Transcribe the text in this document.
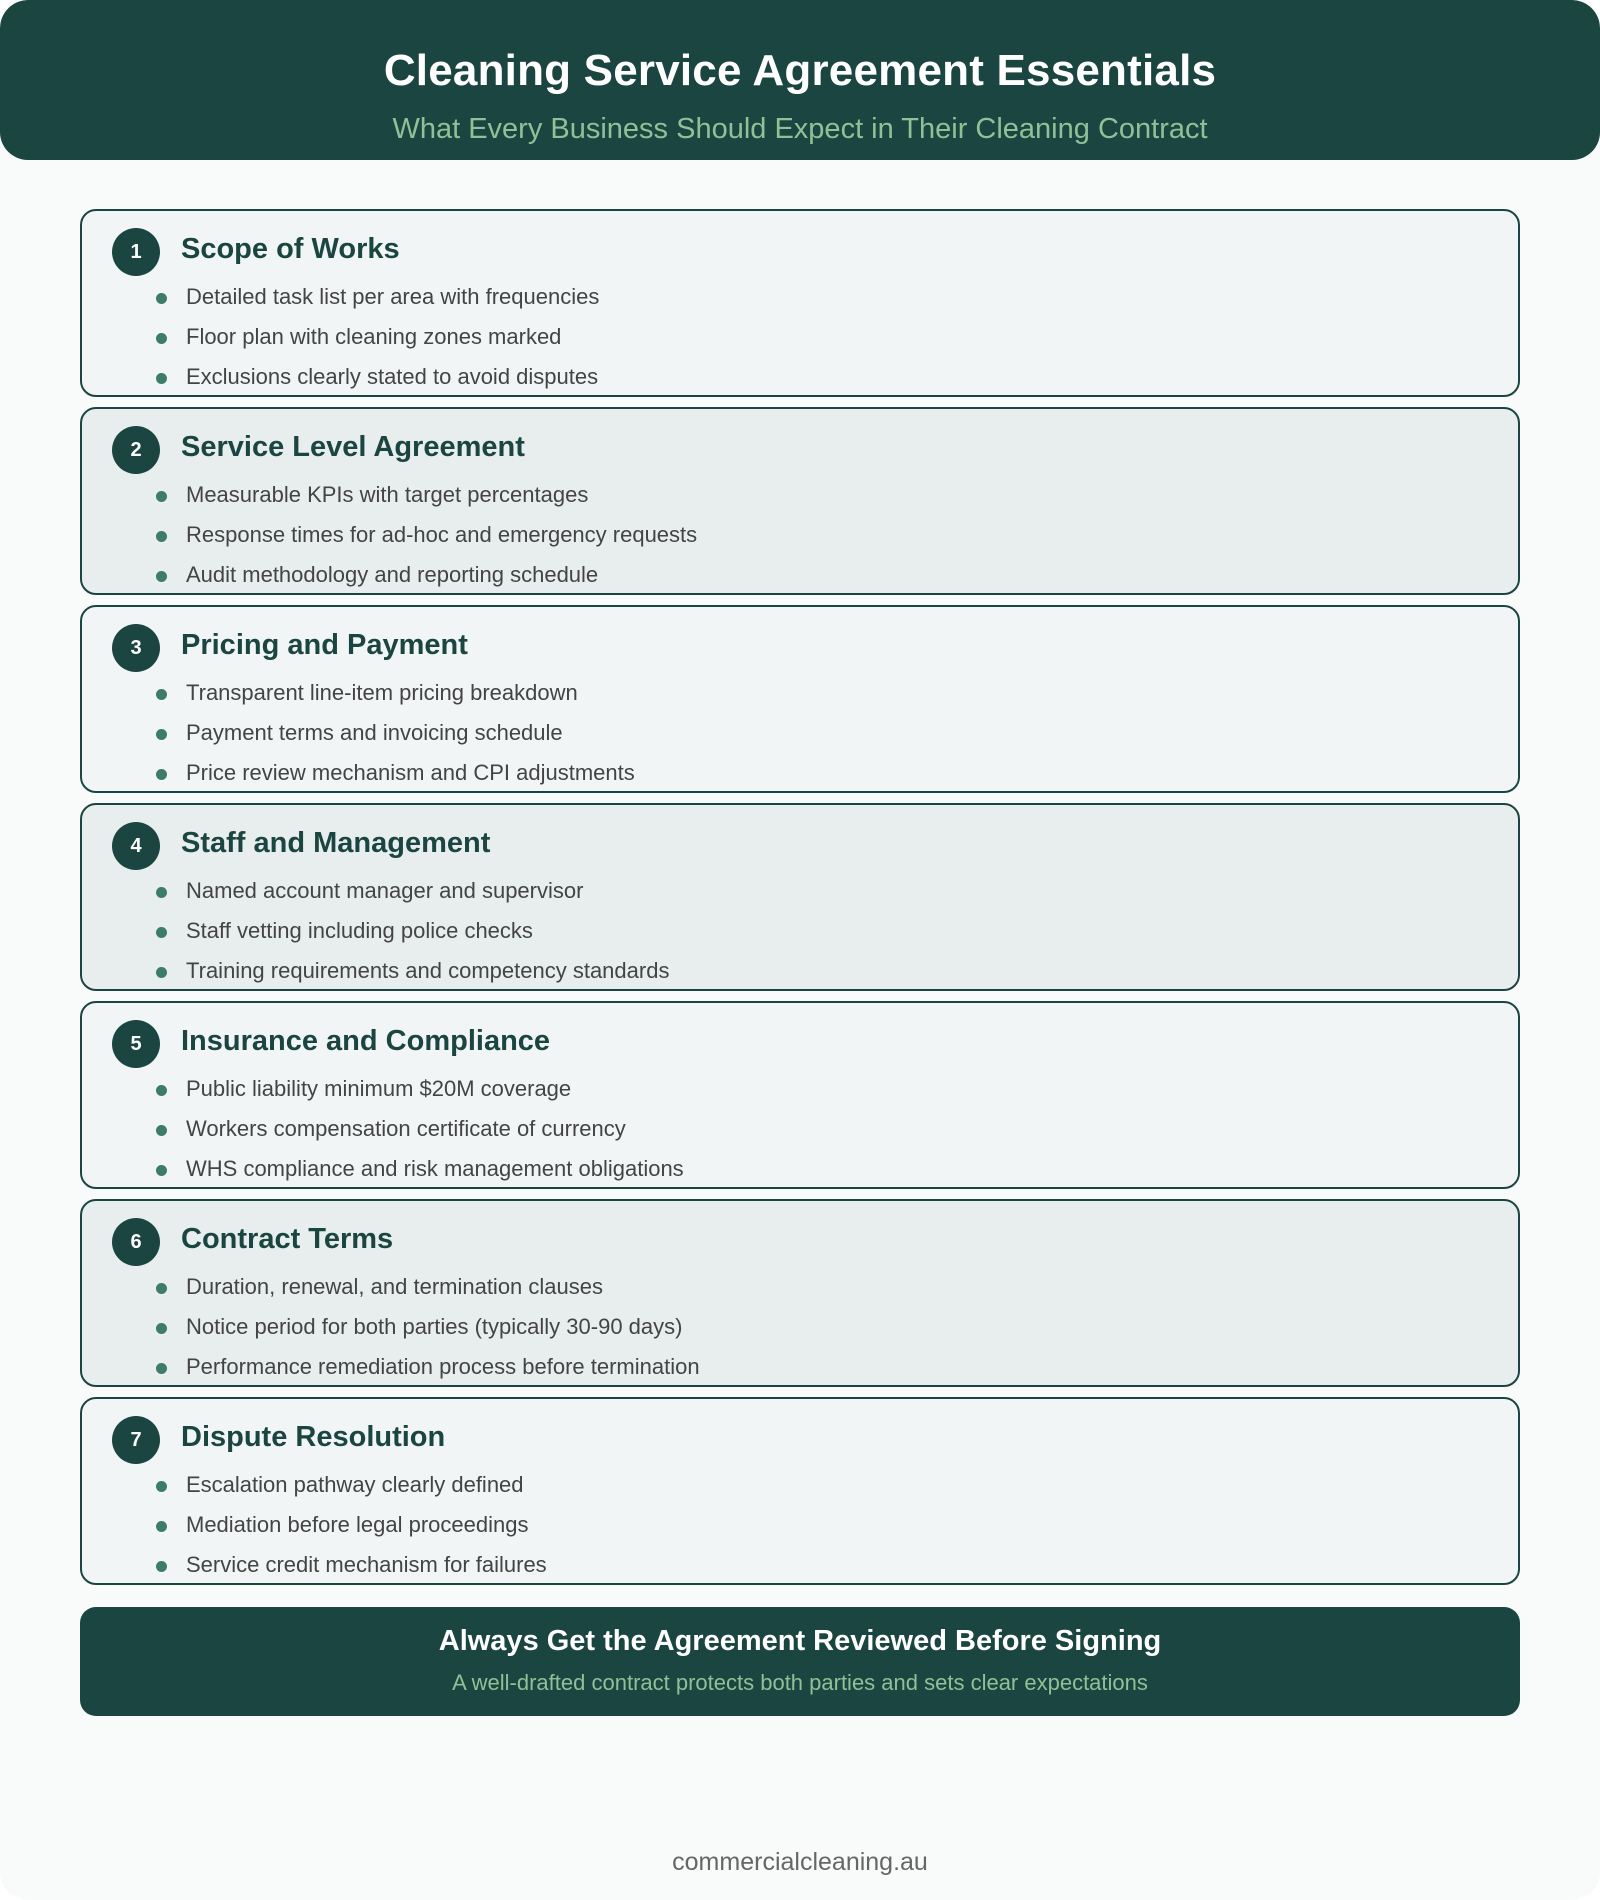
Cleaning Service Agreement Essentials
What Every Business Should Expect in Their Cleaning Contract
1	Scope of Works
Detailed task list per area with frequencies
Floor plan with cleaning zones marked
Exclusions clearly stated to avoid disputes
2	Service Level Agreement
Measurable KPIs with target percentages
Response times for ad-hoc and emergency requests
Audit methodology and reporting schedule
3	Pricing and Payment
Transparent line-item pricing breakdown
Payment terms and invoicing schedule
Price review mechanism and CPI adjustments
4	Staff and Management
Named account manager and supervisor
Staff vetting including police checks
Training requirements and competency standards
5	Insurance and Compliance
Public liability minimum $20M coverage
Workers compensation certificate of currency
WHS compliance and risk management obligations
6	Contract Terms
Duration, renewal, and termination clauses
Notice period for both parties (typically 30-90 days)
Performance remediation process before termination
7	Dispute Resolution
Escalation pathway clearly defined
Mediation before legal proceedings
Service credit mechanism for failures
Always Get the Agreement Reviewed Before Signing
A well-drafted contract protects both parties and sets clear expectations
commercialcleaning.au
